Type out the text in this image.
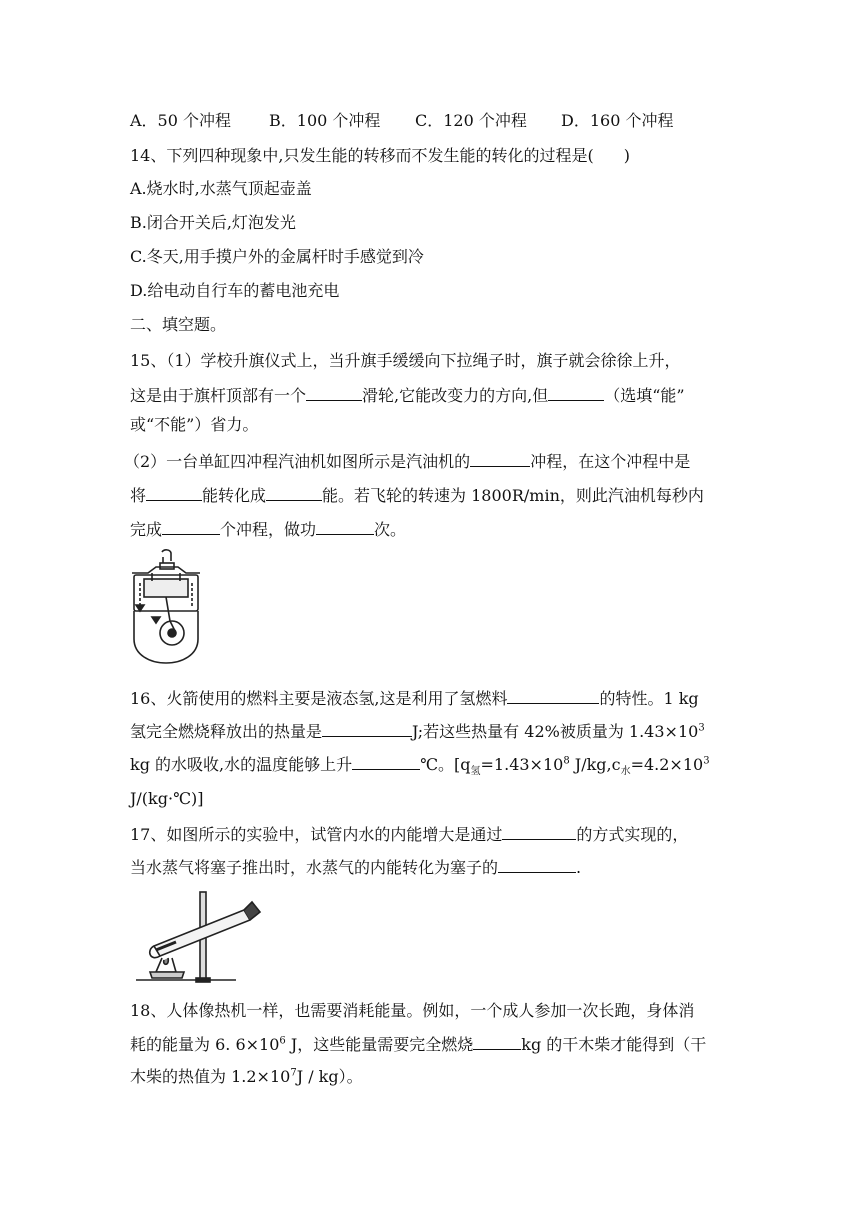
A．50 个冲程 B．100 个冲程 C．120 个冲程 D．160 个冲程
14、下列四种现象中,只发生能的转移而不发生能的转化的过程是( )
A.烧水时,水蒸气顶起壶盖
B.闭合开关后,灯泡发光
C.冬天,用手摸户外的金属杆时手感觉到冷
D.给电动自行车的蓄电池充电
二、填空题。
15、（1）学校升旗仪式上，当升旗手缓缓向下拉绳子时，旗子就会徐徐上升，
这是由于旗杆顶部有一个	滑轮,它能改变力的方向,但	（选填“能”
或“不能”）省力。
（2）一台单缸四冲程汽油机如图所示是汽油机的	冲程，在这个冲程中是
将	能转化成	能。若飞轮的转速为 1800R/min，则此汽油机每秒内
完成	个冲程，做功	次。
16、火箭使用的燃料主要是液态氢,这是利用了氢燃料	的特性。1 kg
氢完全燃烧释放出的热量是	J;若这些热量有 42%被质量为 $1.43\times 10^3$
kg 的水吸收,水的温度能够上升	℃。[$q_氢=1.43\times 10^8$ $J/kg,c_水=4.2\times 10^3$
J/(kg·℃)]
17、如图所示的实验中，试管内水的内能增大是通过	的方式实现的，
当水蒸气将塞子推出时，水蒸气的内能转化为塞子的	.
18、人体像热机一样，也需要消耗能量。例如，一个成人参加一次长跑，身体消
耗的能量为 6. $6\times 10^6$ J，这些能量需要完全燃烧	kg 的干木柴才能得到（干
木柴的热值为 $1.2\times 10^7J / kg$）。
